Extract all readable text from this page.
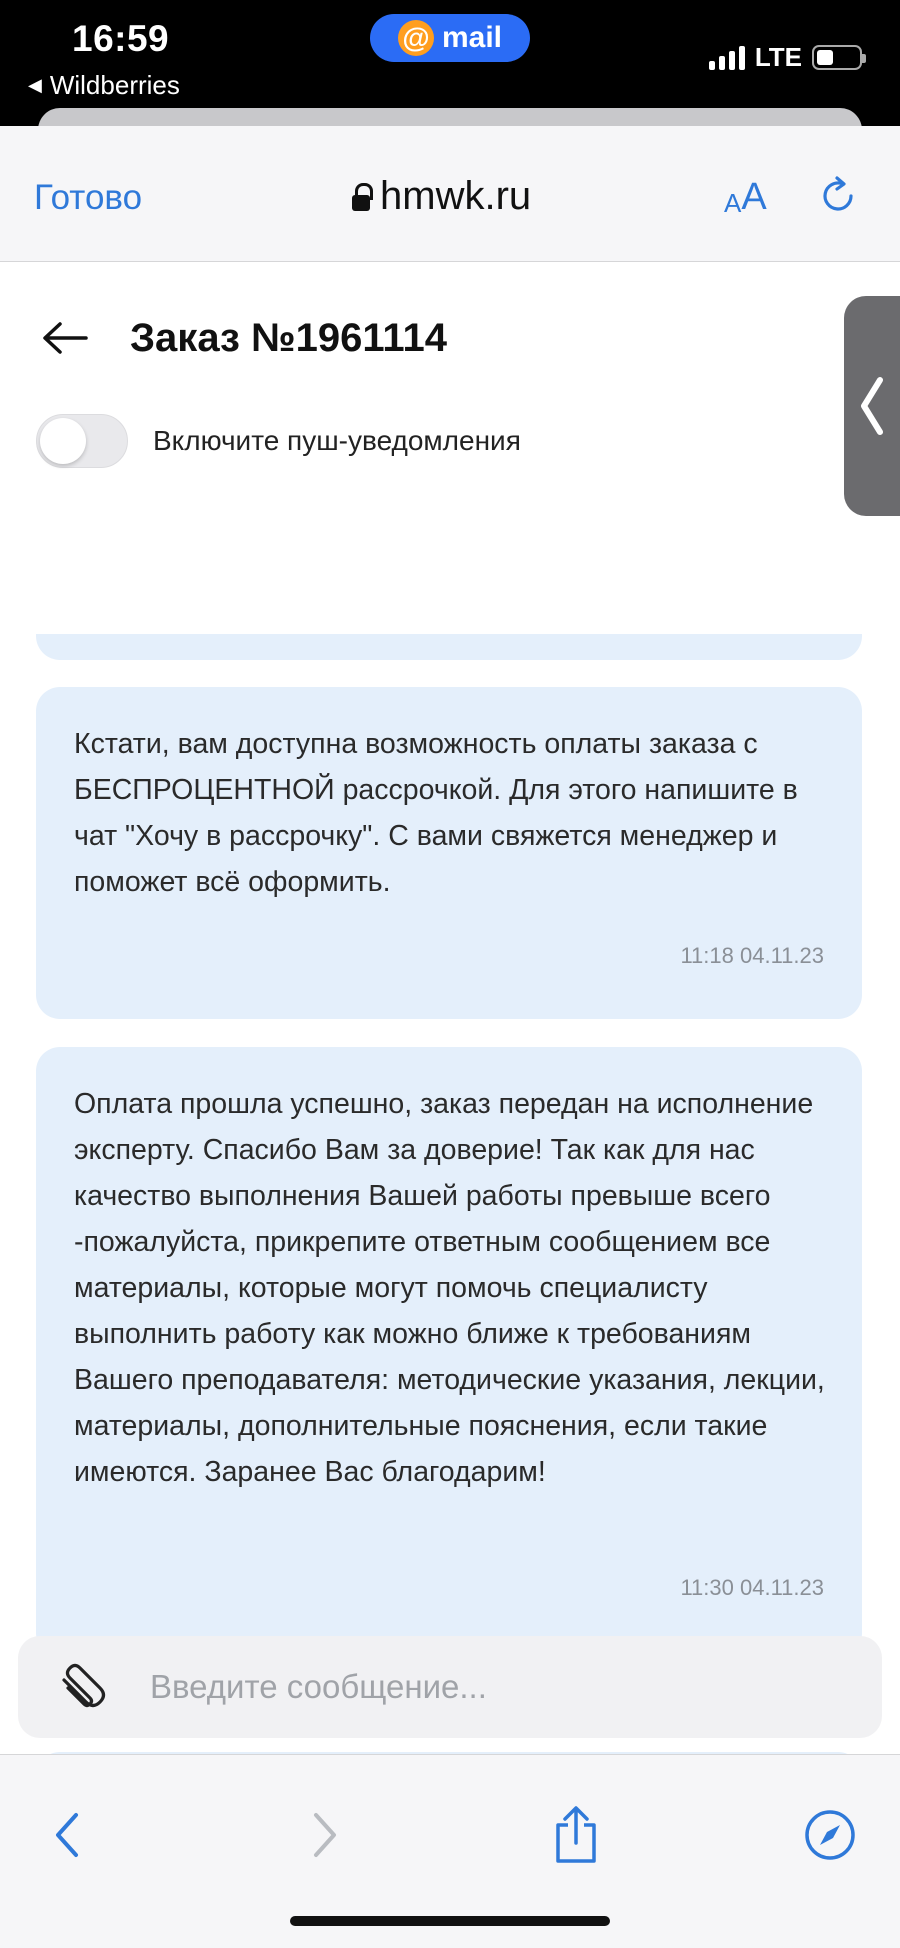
16:59
◀ Wildberries
@ mail
LTE
Готово	hmwk.ru	A A
Заказ №1961114
Включите пуш-уведомления

Кстати, вам доступна возможность оплаты заказа с БЕСПРОЦЕНТНОЙ рассрочкой. Для этого напишите в чат "Хочу в рассрочку". С вами свяжется менеджер и поможет всё оформить.

11:18 04.11.23

Оплата прошла успешно, заказ передан на исполнение эксперту. Спасибо Вам за доверие! Так как для нас качество выполнения Вашей работы превыше всего -пожалуйста, прикрепите ответным сообщением все материалы, которые могут помочь специалисту выполнить работу как можно ближе к требованиям Вашего преподавателя: методические указания, лекции, материалы, дополнительные пояснения, если такие имеются. Заранее Вас благодарим!

11:30 04.11.23
Введите сообщение...
